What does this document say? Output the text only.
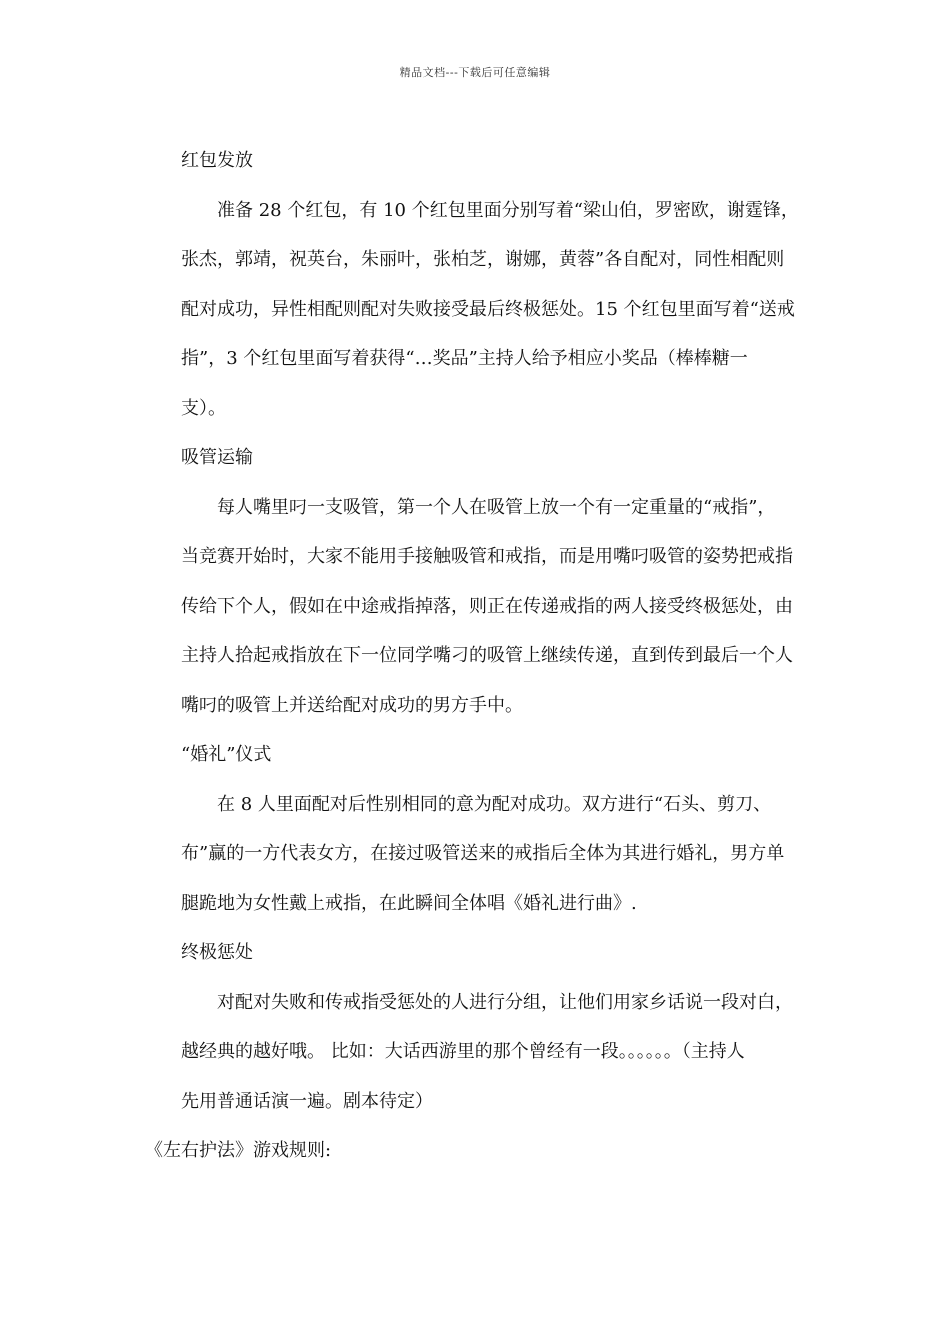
精品文档---下载后可任意编辑

红包发放

准备 28 个红包，有 10 个红包里面分别写着“梁山伯，罗密欧，谢霆锋，
张杰，郭靖，祝英台，朱丽叶，张柏芝，谢娜，黄蓉”各自配对，同性相配则
配对成功，异性相配则配对失败接受最后终极惩处。15 个红包里面写着“送戒
指”，3 个红包里面写着获得“…奖品”主持人给予相应小奖品（棒棒糖一
支）。

吸管运输

每人嘴里叼一支吸管，第一个人在吸管上放一个有一定重量的“戒指”，
当竞赛开始时，大家不能用手接触吸管和戒指，而是用嘴叼吸管的姿势把戒指
传给下个人，假如在中途戒指掉落，则正在传递戒指的两人接受终极惩处，由
主持人拾起戒指放在下一位同学嘴刁的吸管上继续传递，直到传到最后一个人
嘴叼的吸管上并送给配对成功的男方手中。

“婚礼”仪式

在 8 人里面配对后性别相同的意为配对成功。双方进行“石头、剪刀、
布”赢的一方代表女方，在接过吸管送来的戒指后全体为其进行婚礼，男方单
腿跪地为女性戴上戒指，在此瞬间全体唱《婚礼进行曲》.

终极惩处

对配对失败和传戒指受惩处的人进行分组，让他们用家乡话说一段对白，
越经典的越好哦。 比如：大话西游里的那个曾经有一段。。。。。。（主持人
先用普通话演一遍。剧本待定）

《左右护法》游戏规则:
